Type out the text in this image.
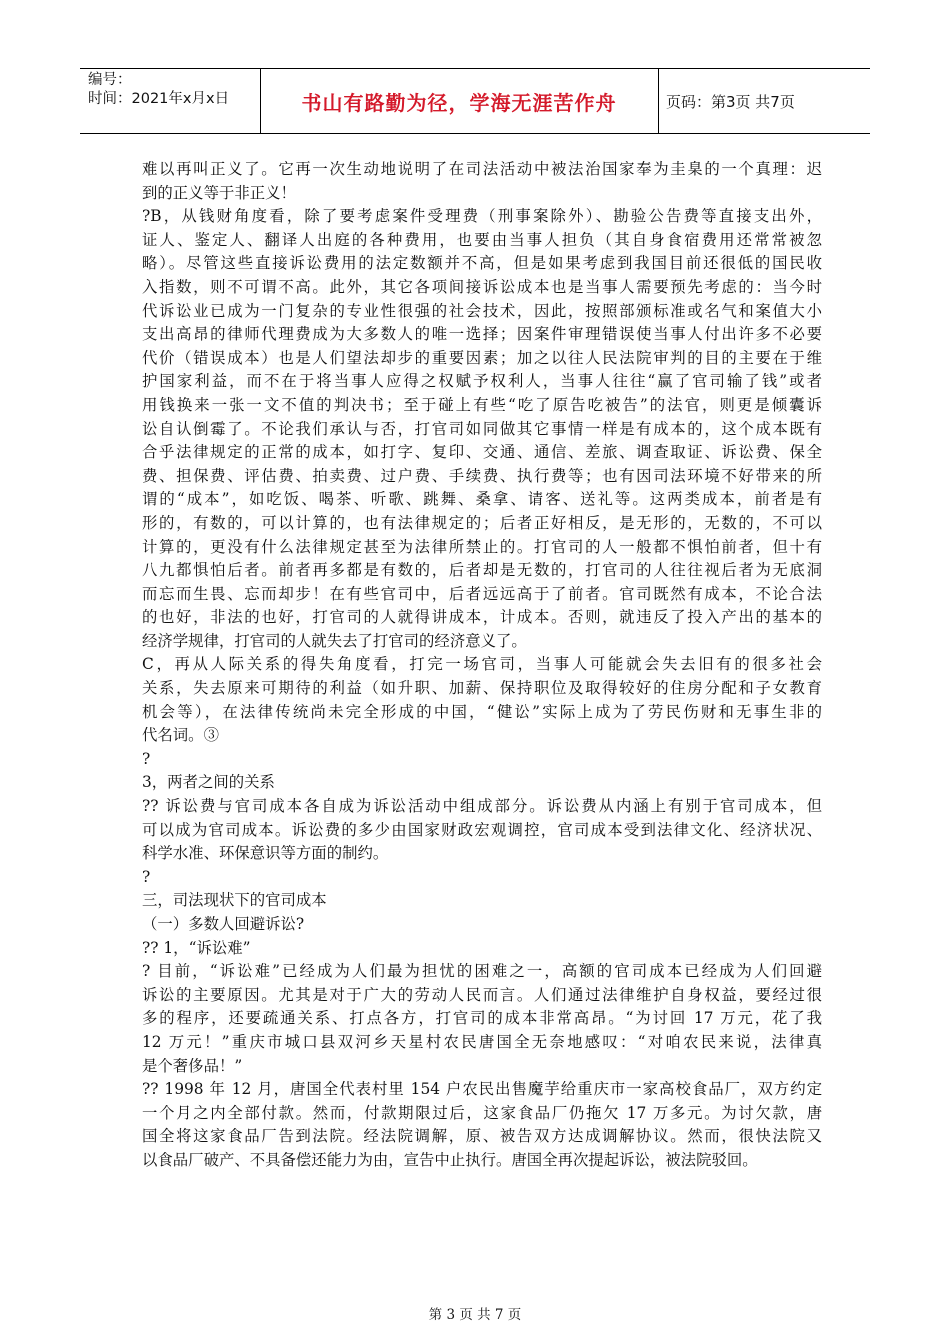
编号：
时间：2021年x月x日	书山有路勤为径，学海无涯苦作舟	页码：第3页 共7页
难以再叫正义了。它再一次生动地说明了在司法活动中被法治国家奉为圭臬的一个真理：迟
到的正义等于非正义！
?B，从钱财角度看，除了要考虑案件受理费（刑事案除外）、勘验公告费等直接支出外，
证人、鉴定人、翻译人出庭的各种费用，也要由当事人担负（其自身食宿费用还常常被忽
略）。尽管这些直接诉讼费用的法定数额并不高，但是如果考虑到我国目前还很低的国民收
入指数，则不可谓不高。此外，其它各项间接诉讼成本也是当事人需要预先考虑的：当今时
代诉讼业已成为一门复杂的专业性很强的社会技术，因此，按照部颁标准或名气和案值大小
支出高昂的律师代理费成为大多数人的唯一选择；因案件审理错误使当事人付出许多不必要
代价（错误成本）也是人们望法却步的重要因素；加之以往人民法院审判的目的主要在于维
护国家利益，而不在于将当事人应得之权赋予权利人，当事人往往“赢了官司输了钱”或者
用钱换来一张一文不值的判决书；至于碰上有些“吃了原告吃被告”的法官，则更是倾囊诉
讼自认倒霉了。不论我们承认与否，打官司如同做其它事情一样是有成本的，这个成本既有
合乎法律规定的正常的成本，如打字、复印、交通、通信、差旅、调查取证、诉讼费、保全
费、担保费、评估费、拍卖费、过户费、手续费、执行费等；也有因司法环境不好带来的所
谓的“成本”，如吃饭、喝茶、听歌、跳舞、桑拿、请客、送礼等。这两类成本，前者是有
形的，有数的，可以计算的，也有法律规定的；后者正好相反，是无形的，无数的，不可以
计算的，更没有什么法律规定甚至为法律所禁止的。打官司的人一般都不惧怕前者，但十有
八九都惧怕后者。前者再多都是有数的，后者却是无数的，打官司的人往往视后者为无底洞
而忘而生畏、忘而却步！在有些官司中，后者远远高于了前者。官司既然有成本，不论合法
的也好，非法的也好，打官司的人就得讲成本，计成本。否则，就违反了投入产出的基本的
经济学规律，打官司的人就失去了打官司的经济意义了。
C，再从人际关系的得失角度看，打完一场官司，当事人可能就会失去旧有的很多社会
关系，失去原来可期待的利益（如升职、加薪、保持职位及取得较好的住房分配和子女教育
机会等），在法律传统尚未完全形成的中国，“健讼”实际上成为了劳民伤财和无事生非的
代名词。③
?
3，两者之间的关系
?? 诉讼费与官司成本各自成为诉讼活动中组成部分。诉讼费从内涵上有别于官司成本，但
可以成为官司成本。诉讼费的多少由国家财政宏观调控，官司成本受到法律文化、经济状况、
科学水准、环保意识等方面的制约。
?
三，司法现状下的官司成本
（一）多数人回避诉讼?
?? 1，“诉讼难”
? 目前，“诉讼难”已经成为人们最为担忧的困难之一，高额的官司成本已经成为人们回避
诉讼的主要原因。尤其是对于广大的劳动人民而言。人们通过法律维护自身权益，要经过很
多的程序，还要疏通关系、打点各方，打官司的成本非常高昂。“为讨回 17 万元，花了我
12 万元！”重庆市城口县双河乡天星村农民唐国全无奈地感叹：“对咱农民来说，法律真
是个奢侈品！”
?? 1998 年 12 月，唐国全代表村里 154 户农民出售魔芋给重庆市一家高校食品厂，双方约定
一个月之内全部付款。然而，付款期限过后，这家食品厂仍拖欠 17 万多元。为讨欠款，唐
国全将这家食品厂告到法院。经法院调解，原、被告双方达成调解协议。然而，很快法院又
以食品厂破产、不具备偿还能力为由，宣告中止执行。唐国全再次提起诉讼，被法院驳回。
第 3 页 共 7 页
